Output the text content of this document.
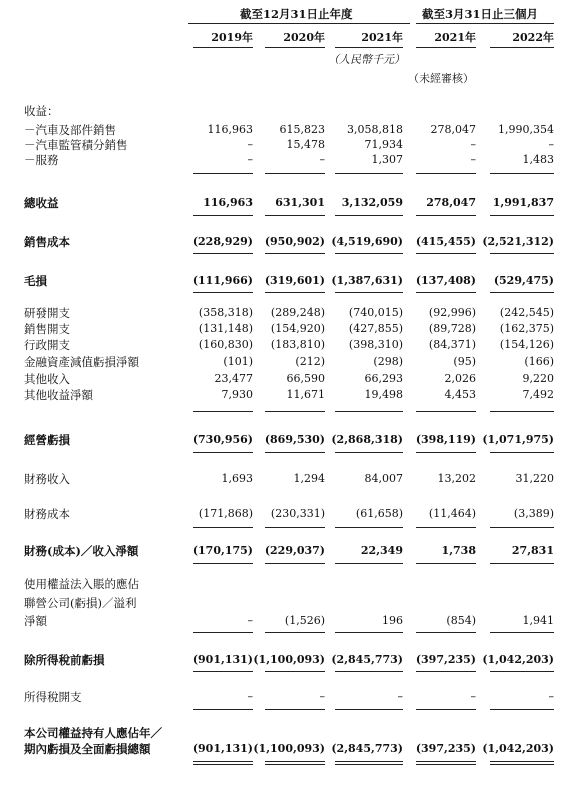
截至12月31日止年度	截至3月31日止三個月
2019年	2020年	2021年	2021年	2022年
（人民幣千元）
（未經審核）
收益：
－汽車及部件銷售	116,963	615,823	3,058,818	278,047	1,990,354
－汽車監管積分銷售	–	15,478	71,934	–	–
－服務	–	–	1,307	–	1,483
總收益	116,963	631,301	3,132,059	278,047	1,991,837
銷售成本	(228,929)	(950,902) (4,519,690)	(415,455) (2,521,312)
毛損	(111,966)	(319,601) (1,387,631)	(137,408)	(529,475)
研發開支	(358,318)	(289,248)	(740,015)	(92,996)	(242,545)
銷售開支	(131,148)	(154,920)	(427,855)	(89,728)	(162,375)
行政開支	(160,830)	(183,810)	(398,310)	(84,371)	(154,126)
金融資產減值虧損淨額	(101)	(212)	(298)	(95)	(166)
其他收入	23,477	66,590	66,293	2,026	9,220
其他收益淨額	7,930	11,671	19,498	4,453	7,492
經營虧損	(730,956)	(869,530) (2,868,318)	(398,119) (1,071,975)
財務收入	1,693	1,294	84,007	13,202	31,220
財務成本	(171,868)	(230,331)	(61,658)	(11,464)	(3,389)
財務(成本)／收入淨額	(170,175)	(229,037)	22,349	1,738	27,831
使用權益法入賬的應佔
聯營公司(虧損)／溢利
淨額	–	(1,526)	196	(854)	1,941
除所得稅前虧損	(901,131) (1,100,093) (2,845,773)	(397,235) (1,042,203)
所得稅開支	–	–	–	–	–
本公司權益持有人應佔年／
期內虧損及全面虧損總額	(901,131) (1,100,093) (2,845,773)	(397,235) (1,042,203)
